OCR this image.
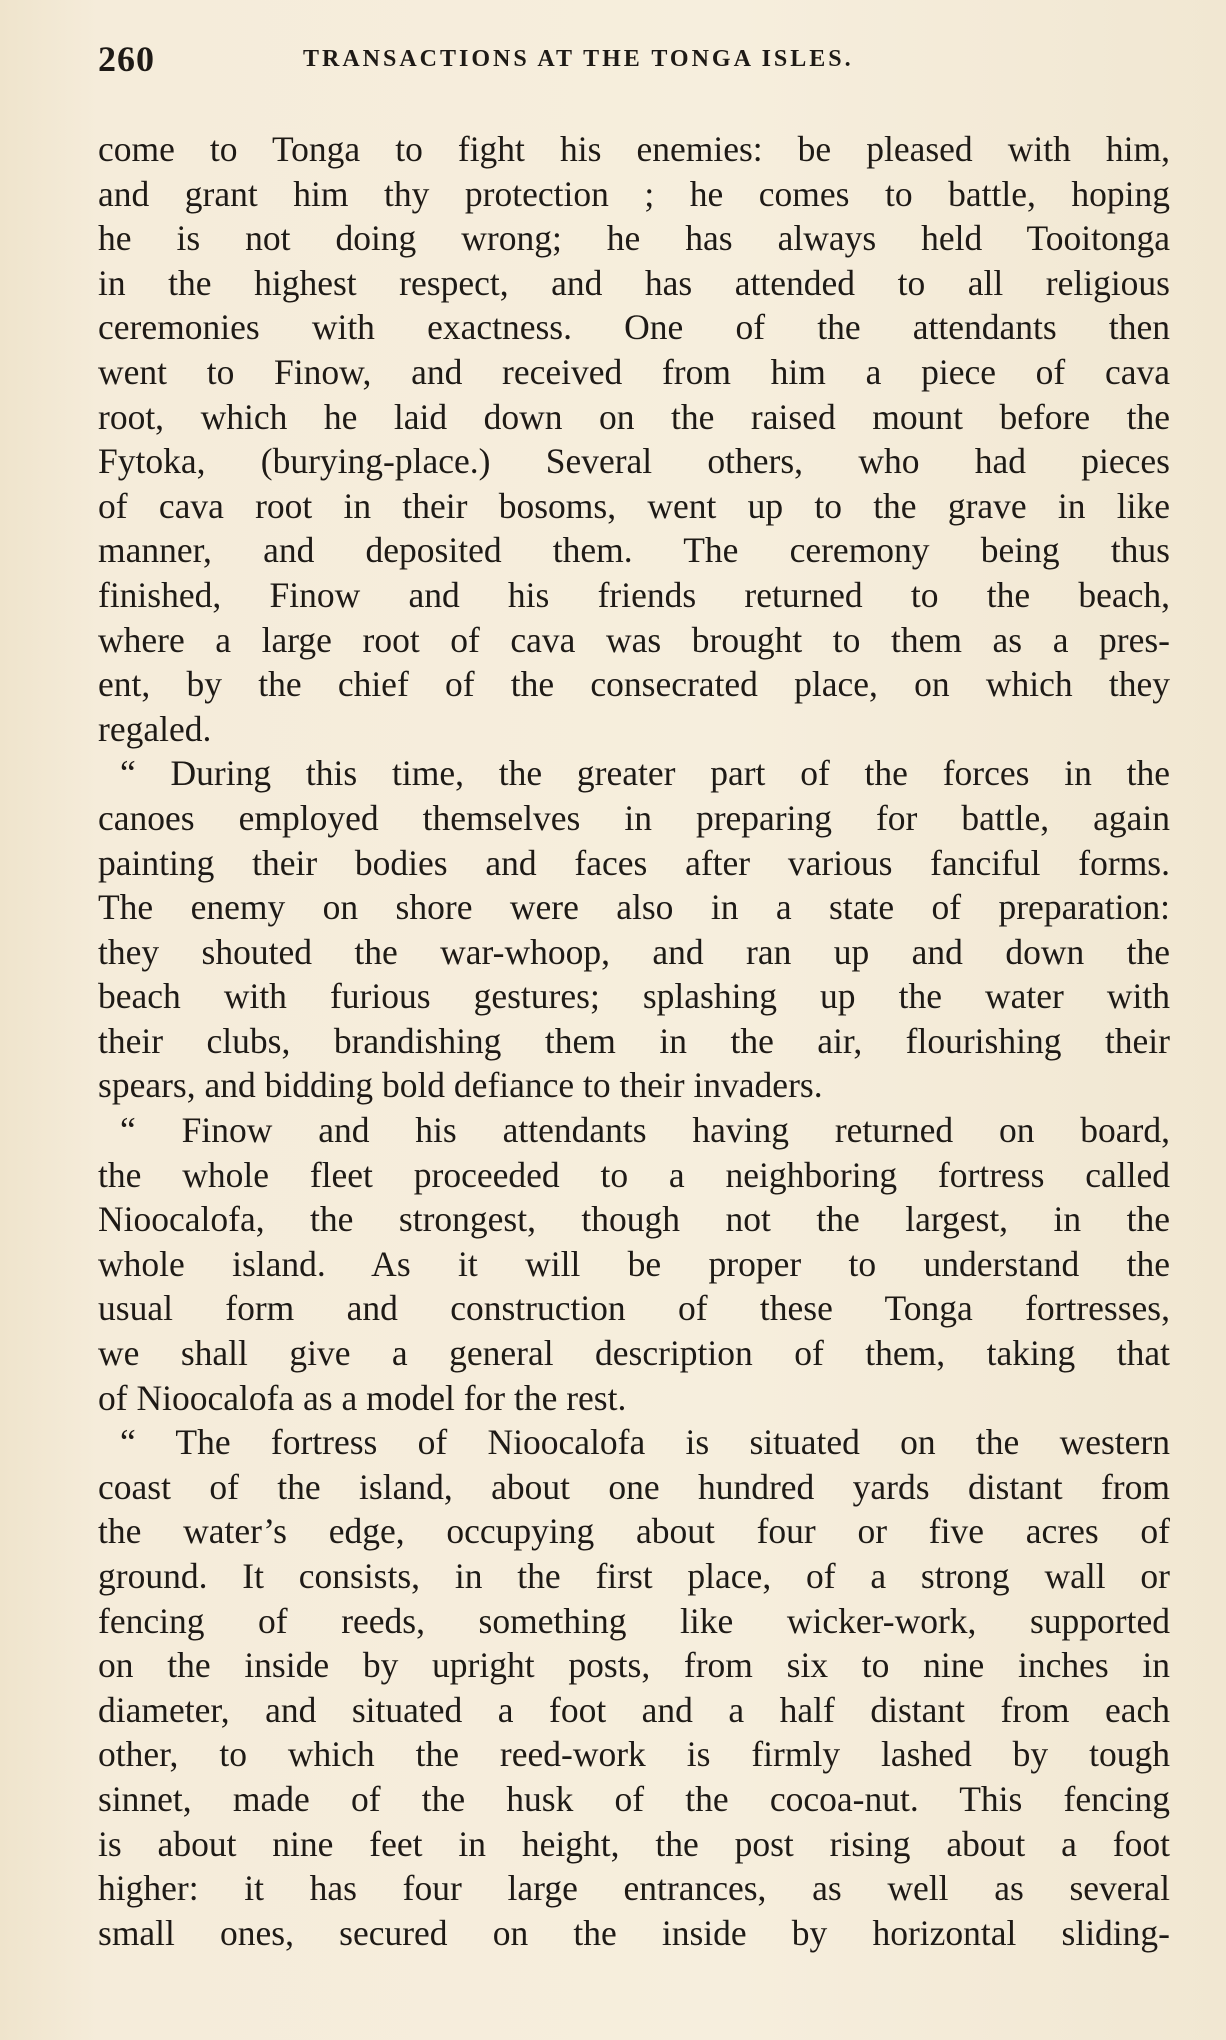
260	TRANSACTIONS AT THE TONGA ISLES.
come to Tonga to fight his enemies: be pleased with him,
and grant him thy protection ; he comes to battle, hoping
he is not doing wrong; he has always held Tooitonga
in the highest respect, and has attended to all religious
ceremonies with exactness. One of the attendants then
went to Finow, and received from him a piece of cava
root, which he laid down on the raised mount before the
Fytoka, (burying-place.) Several others, who had pieces
of cava root in their bosoms, went up to the grave in like
manner, and deposited them. The ceremony being thus
finished, Finow and his friends returned to the beach,
where a large root of cava was brought to them as a pres-
ent, by the chief of the consecrated place, on which they
regaled.
“ During this time, the greater part of the forces in the
canoes employed themselves in preparing for battle, again
painting their bodies and faces after various fanciful forms.
The enemy on shore were also in a state of preparation:
they shouted the war-whoop, and ran up and down the
beach with furious gestures; splashing up the water with
their clubs, brandishing them in the air, flourishing their
spears, and bidding bold defiance to their invaders.
“ Finow and his attendants having returned on board,
the whole fleet proceeded to a neighboring fortress called
Nioocalofa, the strongest, though not the largest, in the
whole island. As it will be proper to understand the
usual form and construction of these Tonga fortresses,
we shall give a general description of them, taking that
of Nioocalofa as a model for the rest.
“ The fortress of Nioocalofa is situated on the western
coast of the island, about one hundred yards distant from
the water’s edge, occupying about four or five acres of
ground. It consists, in the first place, of a strong wall or
fencing of reeds, something like wicker-work, supported
on the inside by upright posts, from six to nine inches in
diameter, and situated a foot and a half distant from each
other, to which the reed-work is firmly lashed by tough
sinnet, made of the husk of the cocoa-nut. This fencing
is about nine feet in height, the post rising about a foot
higher: it has four large entrances, as well as several
small ones, secured on the inside by horizontal sliding-
